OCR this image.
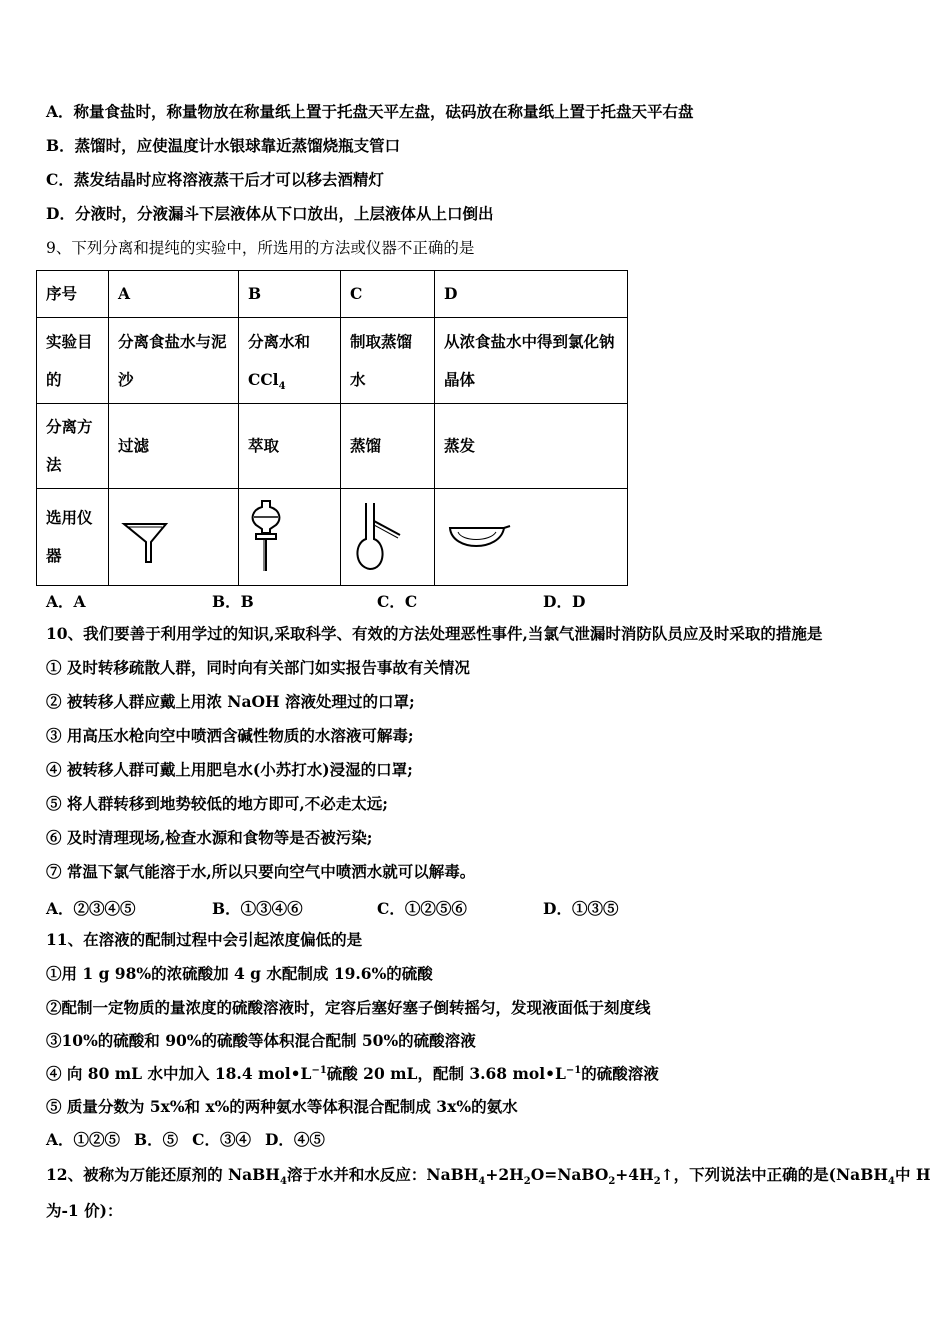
A．称量食盐时，称量物放在称量纸上置于托盘天平左盘，砝码放在称量纸上置于托盘天平右盘
B．蒸馏时，应使温度计水银球靠近蒸馏烧瓶支管口
C．蒸发结晶时应将溶液蒸干后才可以移去酒精灯
D．分液时，分液漏斗下层液体从下口放出，上层液体从上口倒出
9、下列分离和提纯的实验中，所选用的方法或仪器不正确的是
序号	A	B	C	D
实验目的	分离食盐水与泥沙	分离水和CCl$_4$	制取蒸馏水	从浓食盐水中得到氯化钠晶体
分离方法	过滤	萃取	蒸馏	蒸发
选用仪器	

A．A	B．B	C．C	D．D
10、我们要善于利用学过的知识,采取科学、有效的方法处理恶性事件,当氯气泄漏时消防队员应及时采取的措施是
① 及时转移疏散人群，同时向有关部门如实报告事故有关情况
② 被转移人群应戴上用浓 NaOH 溶液处理过的口罩;
③ 用高压水枪向空中喷洒含碱性物质的水溶液可解毒;
④ 被转移人群可戴上用肥皂水(小苏打水)浸湿的口罩;
⑤ 将人群转移到地势较低的地方即可,不必走太远;
⑥ 及时清理现场,检查水源和食物等是否被污染;
⑦ 常温下氯气能溶于水,所以只要向空气中喷洒水就可以解毒。
A．②③④⑤	B．①③④⑥	C．①②⑤⑥	D．①③⑤
11、在溶液的配制过程中会引起浓度偏低的是
①用 1 g 98%的浓硫酸加 4 g 水配制成 19.6%的硫酸
②配制一定物质的量浓度的硫酸溶液时，定容后塞好塞子倒转摇匀，发现液面低于刻度线
③10%的硫酸和 90%的硫酸等体积混合配制 50%的硫酸溶液
④ 向 80 mL 水中加入 18.4 $mol•L^{-1}$硫酸 20 mL，配制 3.68 $mol•L^{-1}$的硫酸溶液
⑤ 质量分数为 5x%和 x%的两种氨水等体积混合配制成 3x%的氨水
A．①②⑤ B．⑤ C．③④ D．④⑤
12、被称为万能还原剂的 NaBH$_4$溶于水并和水反应：$NaBH_4+2H_2O=NaBO_2+4H_2↑$，下列说法中正确的是(NaBH$_4$中 H
为-1 价)：
